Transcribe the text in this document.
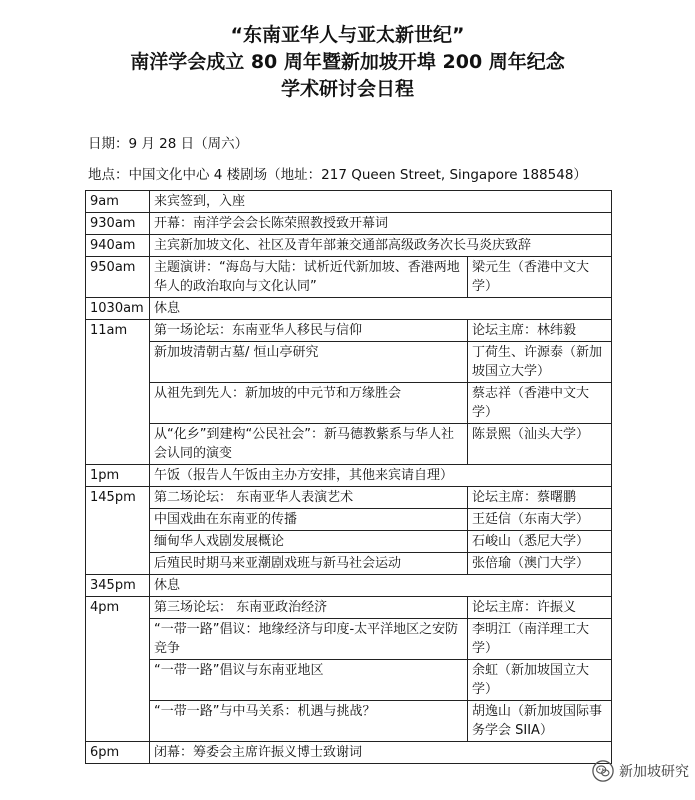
“东南亚华人与亚太新世纪”
南洋学会成立 80 周年暨新加坡开埠 200 周年纪念
学术研讨会日程
日期：9 月 28 日（周六）
地点：中国文化中心 4 楼剧场（地址：217 Queen Street, Singapore 188548）
9am	来宾签到，入座	
930am	开幕：南洋学会会长陈荣照教授致开幕词	
940am	主宾新加坡文化、社区及青年部兼交通部高级政务次长马炎庆致辞	
950am	主题演讲：“海岛与大陆：试析近代新加坡、香港两地华人的政治取向与文化认同”	梁元生（香港中文大学）
1030am	休息	
11am	第一场论坛：东南亚华人移民与信仰	论坛主席：林纬毅
	新加坡清朝古墓/ 恒山亭研究	丁荷生、许源泰（新加坡国立大学）
	从祖先到先人：新加坡的中元节和万缘胜会	蔡志祥（香港中文大学）
	从“化乡”到建构“公民社会”：新马德教紫系与华人社会认同的演变	陈景熙（汕头大学）
1pm	午饭（报告人午饭由主办方安排，其他来宾请自理）	
145pm	第二场论坛： 东南亚华人表演艺术	论坛主席：蔡曙鹏
	中国戏曲在东南亚的传播	王廷信（东南大学）
	缅甸华人戏剧发展概论	石峻山（悉尼大学）
	后殖民时期马来亚潮剧戏班与新马社会运动	张倍瑜（澳门大学）
345pm	休息	
4pm	第三场论坛： 东南亚政治经济	论坛主席：许振义
	“一带一路”倡议：地缘经济与印度-太平洋地区之安防竞争	李明江（南洋理工大学）
	“一带一路”倡议与东南亚地区	余虹（新加坡国立大学）
	“一带一路”与中马关系：机遇与挑战？	胡逸山（新加坡国际事务学会 SIIA）
6pm	闭幕：筹委会主席许振义博士致谢词	
新加坡研究
